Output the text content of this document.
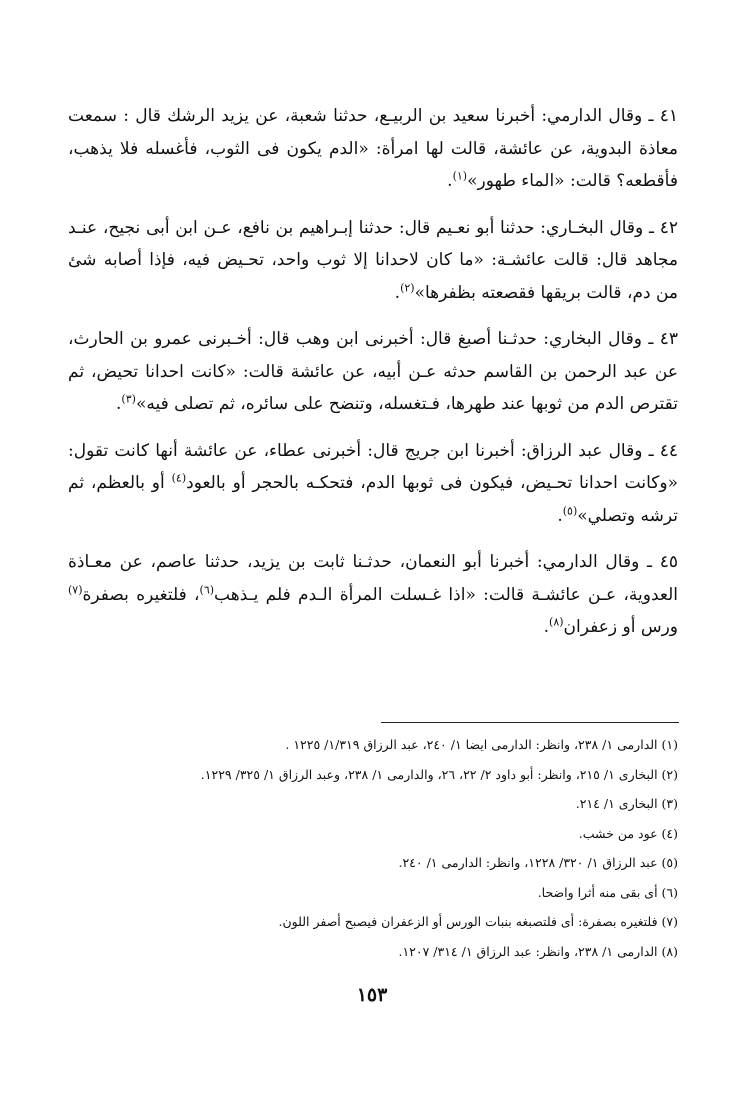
٤١ ـ وقال الدارمي: أخبرنا سعيد بن الربيـع، حدثنا شعبة، عن يزيد الرشك قال : سمعت معاذة البدوية، عن عائشة، قالت لها امرأة: «الدم يكون فى الثوب، فأغسله فلا يذهب، فأقطعه؟ قالت: «الماء طهور»$^{(١)}$.

٤٢ ـ وقال البخـاري: حدثنا أبو نعـيم قال: حدثنا إبـراهيم بن نافع، عـن ابن أبى نجيح، عنـد مجاهد قال: قالت عائشـة: «ما كان لاحدانا إلا ثوب واحد، تحـيض فيه، فإذا أصابه شئ من دم، قالت بريقها فقصعته بظفرها»$^{(٢)}$.

٤٣ ـ وقال البخاري: حدثـنا أصبغ قال: أخبرنى ابن وهب قال: أخـبرنى عمرو بن الحارث، عن عبد الرحمن بن القاسم حدثه عـن أبيه، عن عائشة قالت: «كانت احدانا تحيض، ثم تقترص الدم من ثوبها عند طهرها، فـتغسله، وتنضح على سائره، ثم تصلى فيه»$^{(٣)}$.

٤٤ ـ وقال عبد الرزاق: أخبرنا ابن جريج قال: أخبرنى عطاء، عن عائشة أنها كانت تقول: «وكانت احدانا تحـيض، فيكون فى ثوبها الدم، فتحكـه بالحجر أو بالعود$^{(٤)}$ أو بالعظم، ثم ترشه وتصلي»$^{(٥)}$.

٤٥ ـ وقال الدارمي: أخبرنا أبو النعمان، حدثـنا ثابت بن يزيد، حدثنا عاصم، عن معـاذة العدوية، عـن عائشـة قالت: «اذا غـسلت المرأة الـدم فلم يـذهب$^{(٦)}$، فلتغيره بصفرة$^{(٧)}$ ورس أو زعفران$^{(٨)}$.

(١) الدارمى ١/ ٢٣٨، وانظر: الدارمى ايضا ١/ ٢٤٠، عبد الرزاق ١/٣١٩/ ١٢٢٥ .

(٢) البخارى ١/ ٢١٥، وانظر: أبو داود ٢/ ٢٢، ٢٦، والدارمى ١/ ٢٣٨، وعبد الرزاق ١/ ٣٢٥/ ١٢٢٩.

(٣) البخارى ١/ ٢١٤.

(٤) عود من خشب.

(٥) عبد الرزاق ١/ ٣٢٠/ ١٢٢٨، وانظر: الدارمى ١/ ٢٤٠.

(٦) أى بقى منه أثرا واضحا.

(٧) فلتغيره بصفرة: أى فلتصبغه بنبات الورس أو الزعفران فيصبح أصفر اللون.

(٨) الدارمى ١/ ٢٣٨، وانظر: عبد الرزاق ١/ ٣١٤/ ١٢٠٧.

١٥٣
